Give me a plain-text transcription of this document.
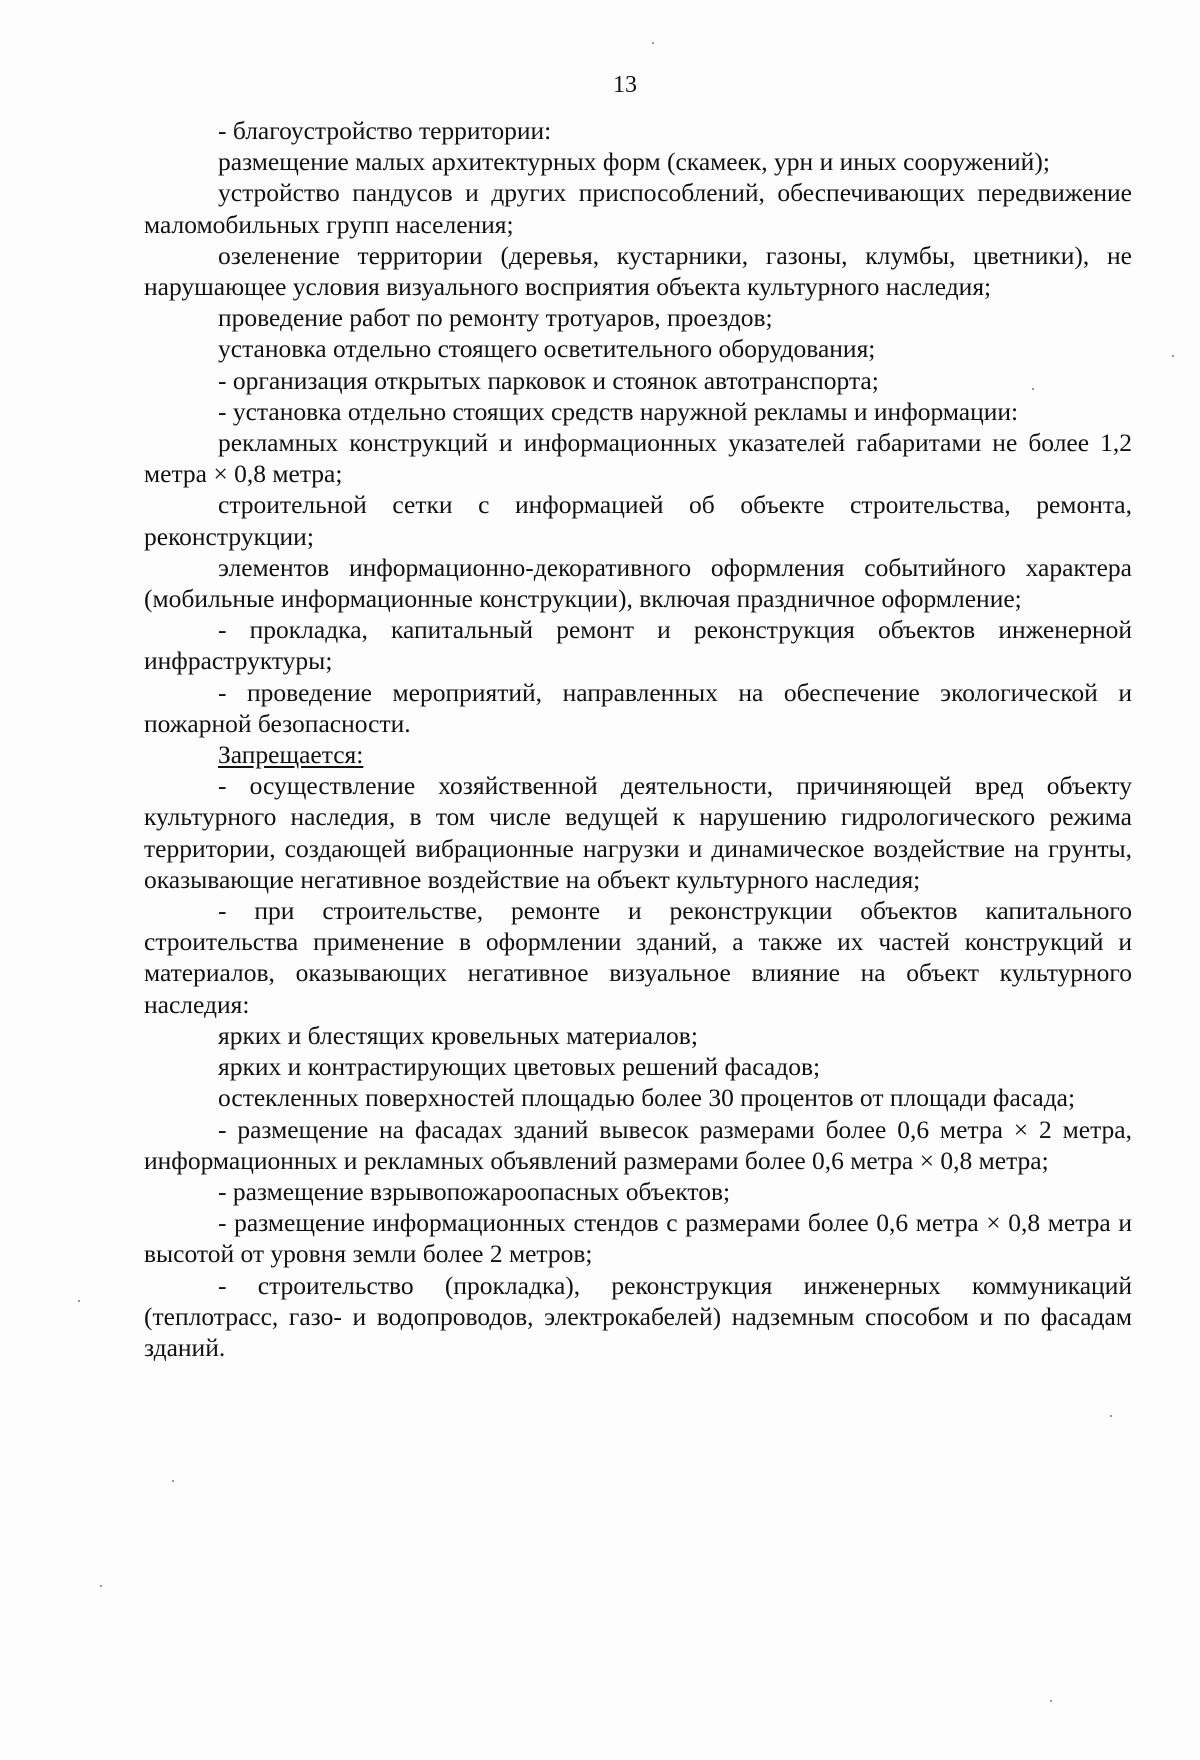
13

- благоустройство территории:

размещение малых архитектурных форм (скамеек, урн и иных сооружений);

устройство пандусов и других приспособлений, обеспечивающих передвижение маломобильных групп населения;

озеленение территории (деревья, кустарники, газоны, клумбы, цветники), не нарушающее условия визуального восприятия объекта культурного наследия;

проведение работ по ремонту тротуаров, проездов;

установка отдельно стоящего осветительного оборудования;

- организация открытых парковок и стоянок автотранспорта;

- установка отдельно стоящих средств наружной рекламы и информации:

рекламных конструкций и информационных указателей габаритами не более 1,2 метра × 0,8 метра;

строительной сетки с информацией об объекте строительства, ремонта, реконструкции;

элементов информационно-декоративного оформления событийного характера (мобильные информационные конструкции), включая праздничное оформление;

- прокладка, капитальный ремонт и реконструкция объектов инженерной инфраструктуры;

- проведение мероприятий, направленных на обеспечение экологической и пожарной безопасности.

Запрещается:

- осуществление хозяйственной деятельности, причиняющей вред объекту культурного наследия, в том числе ведущей к нарушению гидрологического режима территории, создающей вибрационные нагрузки и динамическое воздействие на грунты, оказывающие негативное воздействие на объект культурного наследия;

- при строительстве, ремонте и реконструкции объектов капитального строительства применение в оформлении зданий, а также их частей конструкций и материалов, оказывающих негативное визуальное влияние на объект культурного наследия:

ярких и блестящих кровельных материалов;

ярких и контрастирующих цветовых решений фасадов;

остекленных поверхностей площадью более 30 процентов от площади фасада;

- размещение на фасадах зданий вывесок размерами более 0,6 метра × 2 метра, информационных и рекламных объявлений размерами более 0,6 метра × 0,8 метра;

- размещение взрывопожароопасных объектов;

- размещение информационных стендов с размерами более 0,6 метра × 0,8 метра и высотой от уровня земли более 2 метров;

- строительство (прокладка), реконструкция инженерных коммуникаций (теплотрасс, газо- и водопроводов, электрокабелей) надземным способом и по фасадам зданий.
